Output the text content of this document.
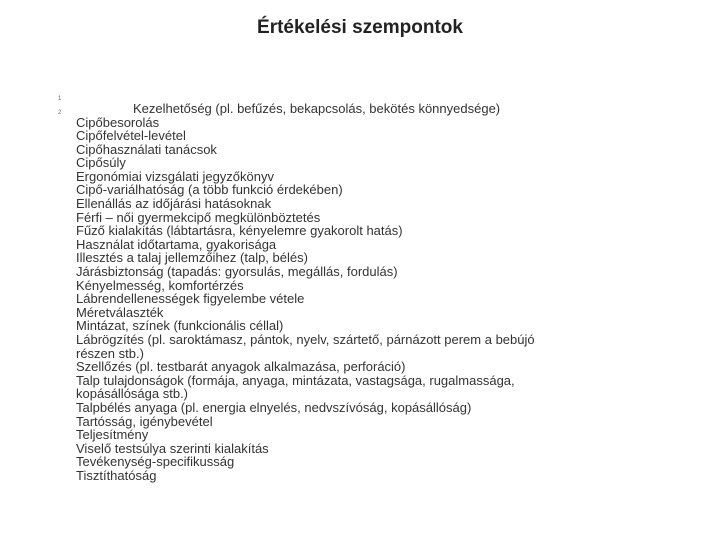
Értékelési szempontok
1
2	Kezelhetőség (pl. befűzés, bekapcsolás, bekötés könnyedsége)
Cipőbesorolás
Cipőfelvétel-levétel
Cipőhasználati tanácsok
Cipősúly
Ergonómiai vizsgálati jegyzőkönyv
Cipő-variálhatóság (a több funkció érdekében)
Ellenállás az időjárási hatásoknak
Férfi – női gyermekcipő megkülönböztetés
Fűző kialakítás (lábtartásra, kényelemre gyakorolt hatás)
Használat időtartama, gyakorisága
Illesztés a talaj jellemzőihez (talp, bélés)
Járásbiztonság (tapadás: gyorsulás, megállás, fordulás)
Kényelmesség, komfortérzés
Lábrendellenességek figyelembe vétele
Méretválaszték
Mintázat, színek (funkcionális céllal)
Lábrögzítés (pl. saroktámasz, pántok, nyelv, szártető, párnázott perem a bebújó
részen stb.)
Szellőzés (pl. testbarát anyagok alkalmazása, perforáció)
Talp tulajdonságok (formája, anyaga, mintázata, vastagsága, rugalmassága,
kopásállósága stb.)
Talpbélés anyaga (pl. energia elnyelés, nedvszívóság, kopásállóság)
Tartósság, igénybevétel
Teljesítmény
Viselő testsúlya szerinti kialakítás
Tevékenység-specifikusság
Tisztíthatóság
